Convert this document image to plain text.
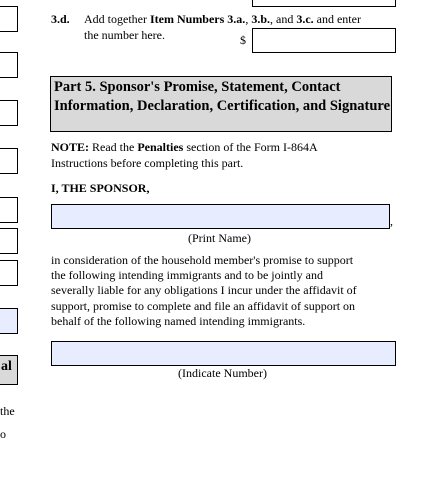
al
the
o
3.d. Add together Item Numbers 3.a., 3.b., and 3.c. and enter
the number here.	$
Part 5. Sponsor's Promise, Statement, Contact Information, Declaration, Certification, and Signature
NOTE: Read the Penalties section of the Form I-864A
Instructions before completing this part.
I, THE SPONSOR,
,
(Print Name)
in consideration of the household member's promise to support
the following intending immigrants and to be jointly and
severally liable for any obligations I incur under the affidavit of
support, promise to complete and file an affidavit of support on
behalf of the following named intending immigrants.
(Indicate Number)
